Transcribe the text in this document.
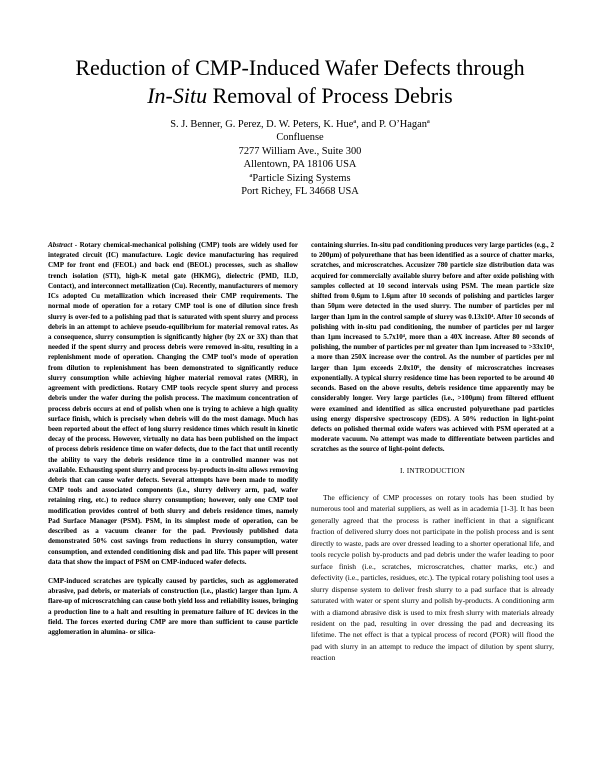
Reduction of CMP-Induced Wafer Defects through
In-Situ Removal of Process Debris
S. J. Benner, G. Perez, D. W. Peters, K. Hueª, and P. O’Haganª
Confluense
7277 William Ave., Suite 300
Allentown, PA 18106 USA
ªParticle Sizing Systems
Port Richey, FL 34668 USA

Abstract - Rotary chemical-mechanical polishing (CMP) tools are widely used for integrated circuit (IC) manufacture. Logic device manufacturing has required CMP for front end (FEOL) and back end (BEOL) processes, such as shallow trench isolation (STI), high-K metal gate (HKMG), dielectric (PMD, ILD, Contact), and interconnect metallization (Cu). Recently, manufacturers of memory ICs adopted Cu metallization which increased their CMP requirements. The normal mode of operation for a rotary CMP tool is one of dilution since fresh slurry is over-fed to a polishing pad that is saturated with spent slurry and process debris in an attempt to achieve pseudo-equilibrium for material removal rates. As a consequence, slurry consumption is significantly higher (by 2X or 3X) than that needed if the spent slurry and process debris were removed in-situ, resulting in a replenishment mode of operation. Changing the CMP tool’s mode of operation from dilution to replenishment has been demonstrated to significantly reduce slurry consumption while achieving higher material removal rates (MRR), in agreement with predictions. Rotary CMP tools recycle spent slurry and process debris under the wafer during the polish process. The maximum concentration of process debris occurs at end of polish when one is trying to achieve a high quality surface finish, which is precisely when debris will do the most damage. Much has been reported about the effect of long slurry residence times which result in kinetic decay of the process. However, virtually no data has been published on the impact of process debris residence time on wafer defects, due to the fact that until recently the ability to vary the debris residence time in a controlled manner was not available. Exhausting spent slurry and process by-products in-situ allows removing debris that can cause wafer defects. Several attempts have been made to modify CMP tools and associated components (i.e., slurry delivery arm, pad, wafer retaining ring, etc.) to reduce slurry consumption; however, only one CMP tool modification provides control of both slurry and debris residence times, namely Pad Surface Manager (PSM). PSM, in its simplest mode of operation, can be described as a vacuum cleaner for the pad. Previously published data demonstrated 50% cost savings from reductions in slurry consumption, water consumption, and extended conditioning disk and pad life. This paper will present data that show the impact of PSM on CMP-induced wafer defects.

CMP-induced scratches are typically caused by particles, such as agglomerated abrasive, pad debris, or materials of construction (i.e., plastic) larger than 1µm. A flare-up of microscratching can cause both yield loss and reliability issues, bringing a production line to a halt and resulting in premature failure of IC devices in the field. The forces exerted during CMP are more than sufficient to cause particle agglomeration in alumina- or silica-

containing slurries. In-situ pad conditioning produces very large particles (e.g., 2 to 200µm) of polyurethane that has been identified as a source of chatter marks, scratches, and microscratches. Accusizer 780 particle size distribution data was acquired for commercially available slurry before and after oxide polishing with samples collected at 10 second intervals using PSM. The mean particle size shifted from 0.6µm to 1.6µm after 10 seconds of polishing and particles larger than 50µm were detected in the used slurry. The number of particles per ml larger than 1µm in the control sample of slurry was 0.13x10⁴. After 10 seconds of polishing with in-situ pad conditioning, the number of particles per ml larger than 1µm increased to 5.7x10⁴, more than a 40X increase. After 80 seconds of polishing, the number of particles per ml greater than 1µm increased to >33x10⁴, a more than 250X increase over the control. As the number of particles per ml larger than 1µm exceeds 2.0x10⁶, the density of microscratches increases exponentially. A typical slurry residence time has been reported to be around 40 seconds. Based on the above results, debris residence time apparently may be considerably longer. Very large particles (i.e., >100µm) from filtered effluent were examined and identified as silica encrusted polyurethane pad particles using energy dispersive spectroscopy (EDS). A 50% reduction in light-point defects on polished thermal oxide wafers was achieved with PSM operated at a moderate vacuum. No attempt was made to differentiate between particles and scratches as the source of light-point defects.

I. INTRODUCTION

The efficiency of CMP processes on rotary tools has been studied by numerous tool and material suppliers, as well as in academia [1-3]. It has been generally agreed that the process is rather inefficient in that a significant fraction of delivered slurry does not participate in the polish process and is sent directly to waste, pads are over dressed leading to a shorter operational life, and tools recycle polish by-products and pad debris under the wafer leading to poor surface finish (i.e., scratches, microscratches, chatter marks, etc.) and defectivity (i.e., particles, residues, etc.). The typical rotary polishing tool uses a slurry dispense system to deliver fresh slurry to a pad surface that is already saturated with water or spent slurry and polish by-products. A conditioning arm with a diamond abrasive disk is used to mix fresh slurry with materials already resident on the pad, resulting in over dressing the pad and decreasing its lifetime. The net effect is that a typical process of record (POR) will flood the pad with slurry in an attempt to reduce the impact of dilution by spent slurry, reaction
